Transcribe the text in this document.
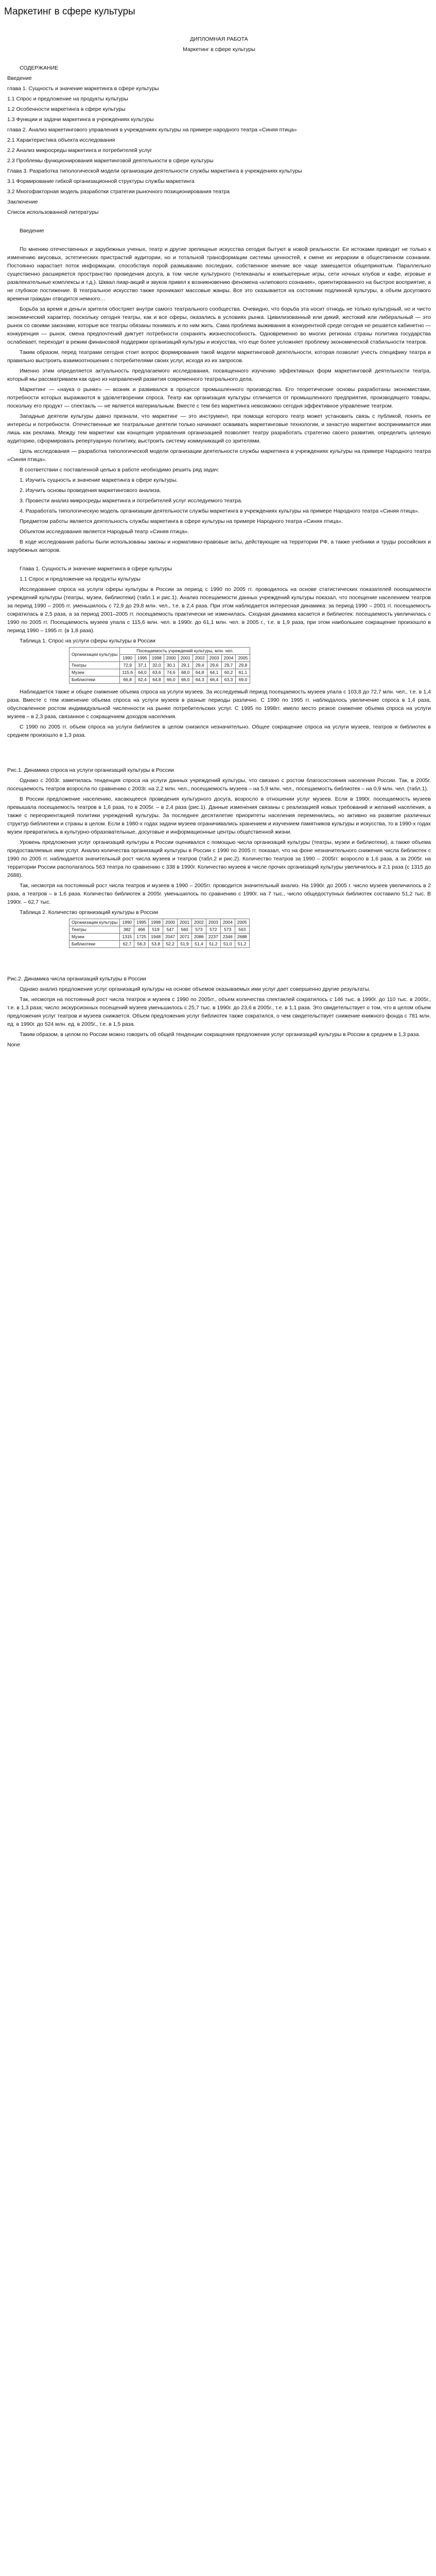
Маркетинг в сфере культуры

ДИПЛОМНАЯ РАБОТА

Маркетинг в сфере культуры

СОДЕРЖАНИЕ

Введение

глава 1. Сущность и значение маркетинга в сфере культуры

1.1 Спрос и предложение на продукты культуры

1.2 Особенности маркетинга в сфере культуры

1.3 Функции и задачи маркетинга в учреждениях культуры

глава 2. Анализ маркетингового управления в учреждениях культуры на примере народного театра «Синяя птица»

2.1 Характеристика объекта исследования

2.2 Анализ микросреды маркетинга и потребителей услуг

2.3 Проблемы функционирования маркетинговой деятельности в сфере культуры

Глава 3. Разработка типологической модели организации деятельности службы маркетинга в учреждениях культуры

3.1 Формирование гибкой организационной структуры службы маркетинга

3.2 Многофакторная модель разработки стратегии рыночного позиционирования театра

Заключение

Список использованной литературы

Введение

По мнению отечественных и зарубежных ученых, театр и другие зрелищные искусства сегодня бытуют в новой реальности. Ее истоками приводит не только к изменению вкусовых, эстетических пристрастий аудитории, но и тотальной трансформации системы ценностей, к смене их иерархии в общественном сознании. Постоянно нарастает поток информации, способствуя порой размыванию последних, собственное мнение все чаще замещается общепринятым. Параллельно существенно расширяется пространство проведения досуга, в том числе культурного (телеканалы и компьютерные игры, сети ночных клубов и кафе, игровые и развлекательные комплексы и т.д.). Шквал пиар-акций и звуков привел к возникновению феномена «клипового сознания», ориентированного на быстрое восприятие, а не глубокое постижение. В театральное искусство также проникают массовые жанры. Все это сказывается на состоянии подлинной культуры, в объем досугового времени граждан отводится немного…

Борьба за время и деньги зрителя обостряет внутри самого театрального сообщества. Очевидно, что борьба эта носит отнюдь не только культурный, но и чисто экономический характер, поскольку сегодня театры, как и все сферы, оказались в условиях рынка. Цивилизованный или дикий, жестокий или либеральный — это рынок со своими законами, которые все театры обязаны понимать и по ним жить. Сама проблема выживания в конкурентной среде сегодня не решается кабинетно — конкуренция — рынок, смена предпочтений диктует потребности сохранять жизнеспособность. Одновременно во многих регионах страны политика государства ослабевает, переходит в режим финансовой поддержки организаций культуры и искусства, что еще более усложняет проблему экономической стабильности театров.

Таким образом, перед театрами сегодня стоит вопрос формирования такой модели маркетинговой деятельности, которая позволит учесть специфику театра и правильно выстроить взаимоотношения с потребителями своих услуг, исходя из их запросов.

Именно этим определяется актуальность предлагаемого исследования, посвященного изучению эффективных форм маркетинговой деятельности театра, который мы рассматриваем как одно из направлений развития современного театрального дела.

Маркетинг — «наука о рынке» — возник и развивался в процессе промышленного производства. Его теоретические основы разработаны экономистами, потребности которых выражаются в удовлетворении спроса. Театр как организация культуры отличается от промышленного предприятия, производящего товары, поскольку его продукт — спектакль — не является материальным. Вместе с тем без маркетинга невозможно сегодня эффективное управление театром.

Западные деятели культуры давно признали, что маркетинг — это инструмент, при помощи которого театр может установить связь с публикой, понять ее интересы и потребности. Отечественные же театральные деятели только начинают осваивать маркетинговые технологии, и зачастую маркетинг воспринимается ими лишь как реклама. Между тем маркетинг как концепция управления организацией позволяет театру разработать стратегию своего развития, определить целевую аудиторию, сформировать репертуарную политику, выстроить систему коммуникаций со зрителями.

Цель исследования — разработка типологической модели организации деятельности службы маркетинга в учреждениях культуры на примере Народного театра «Синяя птица».

В соответствии с поставленной целью в работе необходимо решить ряд задач:

1. Изучить сущность и значение маркетинга в сфере культуры.

2. Изучить основы проведения маркетингового анализа.

3. Провести анализ микросреды маркетинга и потребителей услуг исследуемого театра.

4. Разработать типологическую модель организации деятельности службы маркетинга в учреждениях культуры на примере Народного театра «Синяя птица».

Предметом работы является деятельность службы маркетинга в сфере культуры на примере Народного театра «Синяя птица».

Объектом исследования является Народный театр «Синяя птица».

В ходе исследования работы были использованы законы и нормативно-правовые акты, действующие на территории РФ, а также учебники и труды российских и зарубежных авторов.

Глава 1. Сущность и значение маркетинга в сфере культуры

1.1 Спрос и предложение на продукты культуры

Исследование спроса на услуги сферы культуры в России за период с 1990 по 2005 гг. проводилось на основе статистических показателей посещаемости учреждений культуры (театры, музеи, библиотеки) (табл.1 и рис.1). Анализ посещаемости данных учреждений культуры показал, что посещение населением театров за период 1990 – 2005 гг. уменьшилось с 72,9 до 29,8 млн. чел., т.е. в 2,4 раза. При этом наблюдается интересная динамика: за период 1990 – 2001 гг. посещаемость сократилась в 2,5 раза, а за период 2001–2005 гг. посещаемость практически не изменилась. Сходная динамика касается и библиотек: посещаемость увеличилась с 1990 по 2005 гг. Посещаемость музеев упала с 115,6 млн. чел. в 1990г. до 61,1 млн. чел. в 2005 г., т.е. в 1,9 раза, при этом наибольшее сокращение произошло в период 1990 – 1995 гг. (в 1,8 раза).

Таблица 1. Спрос на услуги сферы культуры в России

Организации культуры	Посещаемость учреждений культуры, млн. чел.								
	1990	1995	1998	2000	2001	2002	2003	2004	2005
Театры	72,9	37,1	32,0	30,1	29,1	29,4	29,6	29,7	29,8
Музеи	115,6	64,0	63,6	74,6	68,0	64,8	64,1	60,2	61,1
Библиотеки	66,8	62,4	64,8	66,0	66,0	64,3	66,4	63,3	69,0

Наблюдается также и общее снижение объема спроса на услуги музеев. За исследуемый период посещаемость музеев упала с 103,8 до 72,7 млн. чел., т.е. в 1,4 раза. Вместе с тем изменение объема спроса на услуги музеев в разные периоды различно. С 1990 по 1995 гг. наблюдалось увеличение спроса в 1,4 раза, обусловленное ростом индивидуальной численности на рынке потребительских услуг. С 1995 по 1998гг. имело место резкое снижение объема спроса на услуги музеев – в 2,3 раза, связанное с сокращением доходов населения.

С 1990 по 2005 гг. объем спроса на услуги библиотек в целом снизился незначительно. Общее сокращение спроса на услуги музеев, театров и библиотек в среднем произошло в 1,3 раза.

Рис.1. Динамика спроса на услуги организаций культуры в России

Однако с 2003г. заметилась тенденция спроса на услуги данных учреждений культуры, что связано с ростом благосостояния населения России. Так, в 2005г. посещаемость театров возросла по сравнению с 2003г. на 2,2 млн. чел., посещаемость музеев – на 5,9 млн. чел., посещаемость библиотек – на 0,9 млн. чел. (табл.1).

В России предложение населению, касающееся проведения культурного досуга, возросло в отношении услуг музеев. Если в 1990г. посещаемость музеев превышала посещаемость театров в 1,6 раза, то в 2005г. – в 2,4 раза (рис.1). Данные изменения связаны с реализацией новых требований и желаний населения, а также с переориентацией политики учреждений культуры. За последнее десятилетие приоритеты населения переменились, но активно на развитие различных структур библиотеки и страны в целом. Если в 1980-х годах задачи музеев ограничивались хранением и изучением памятников культуры и искусства, то в 1990-х годах музеи превратились в культурно-образовательные, досуговые и информационные центры общественной жизни.

Уровень предложения услуг организаций культуры в России оценивался с помощью числа организаций культуры (театры, музеи и библиотеки), а также объема предоставляемых ими услуг. Анализ количества организаций культуры в России с 1990 по 2005 гг. показал, что на фоне незначительного снижения числа библиотек с 1990 по 2005 гг. наблюдается значительный рост числа музеев и театров (табл.2 и рис.2). Количество театров за 1990 – 2005гг. возросло в 1,6 раза, а за 2005г. на территории России располагалось 563 театра по сравнению с 338 в 1990г. Количество музеев в числе прочих организаций культуры увеличилось в 2,1 раза (с 1315 до 2688).

Так, несмотря на постоянный рост числа театров и музеев в 1990 – 2005гг. проводится значительный анализ. На 1990г. до 2005 г. число музеев увеличилось в 2 раза, а театров – в 1,6 раза. Количество библиотек в 2005г. уменьшилось по сравнению с 1990г. на 7 тыс., число общедоступных библиотек составило 51,2 тыс. В 1990г. – 62,7 тыс.

Таблица 2. Количество организаций культуры в России

Организации культуры	1990	1995	1998	2000	2001	2002	2003	2004	2005
Театры	382	466	519	547	560	573	572	573	563
Музеи	1315	1725	1948	2047	2071	2086	2237	2346	2688
Библиотеки	62,7	56,3	53,8	52,2	51,9	51,4	51,2	51,0	51,2

Рис.2. Динамика числа организаций культуры в России

Однако анализ предложения услуг организаций культуры на основе объемов оказываемых ими услуг дает совершенно другие результаты.

Так, несмотря на постоянный рост числа театров и музеев с 1990 по 2005гг., объем количества спектаклей сократилось с 146 тыс. в 1990г. до 110 тыс. в 2005г., т.е. в 1,3 раза; число экскурсионных посещений музеев уменьшилось с 25,7 тыс. в 1990г. до 23,6 в 2005г., т.е. в 1,1 раза. Это свидетельствует о том, что в целом объем предложения услуг театров и музеев снижается. Объем предложения услуг библиотек также сократился, о чем свидетельствует снижение книжного фонда с 781 млн. ед. в 1990г. до 524 млн. ед. в 2005г., т.е. в 1,5 раза.

Таким образом, в целом по России можно говорить об общей тенденции сокращения предложения услуг организаций культуры в России в среднем в 1,3 раза.

None
